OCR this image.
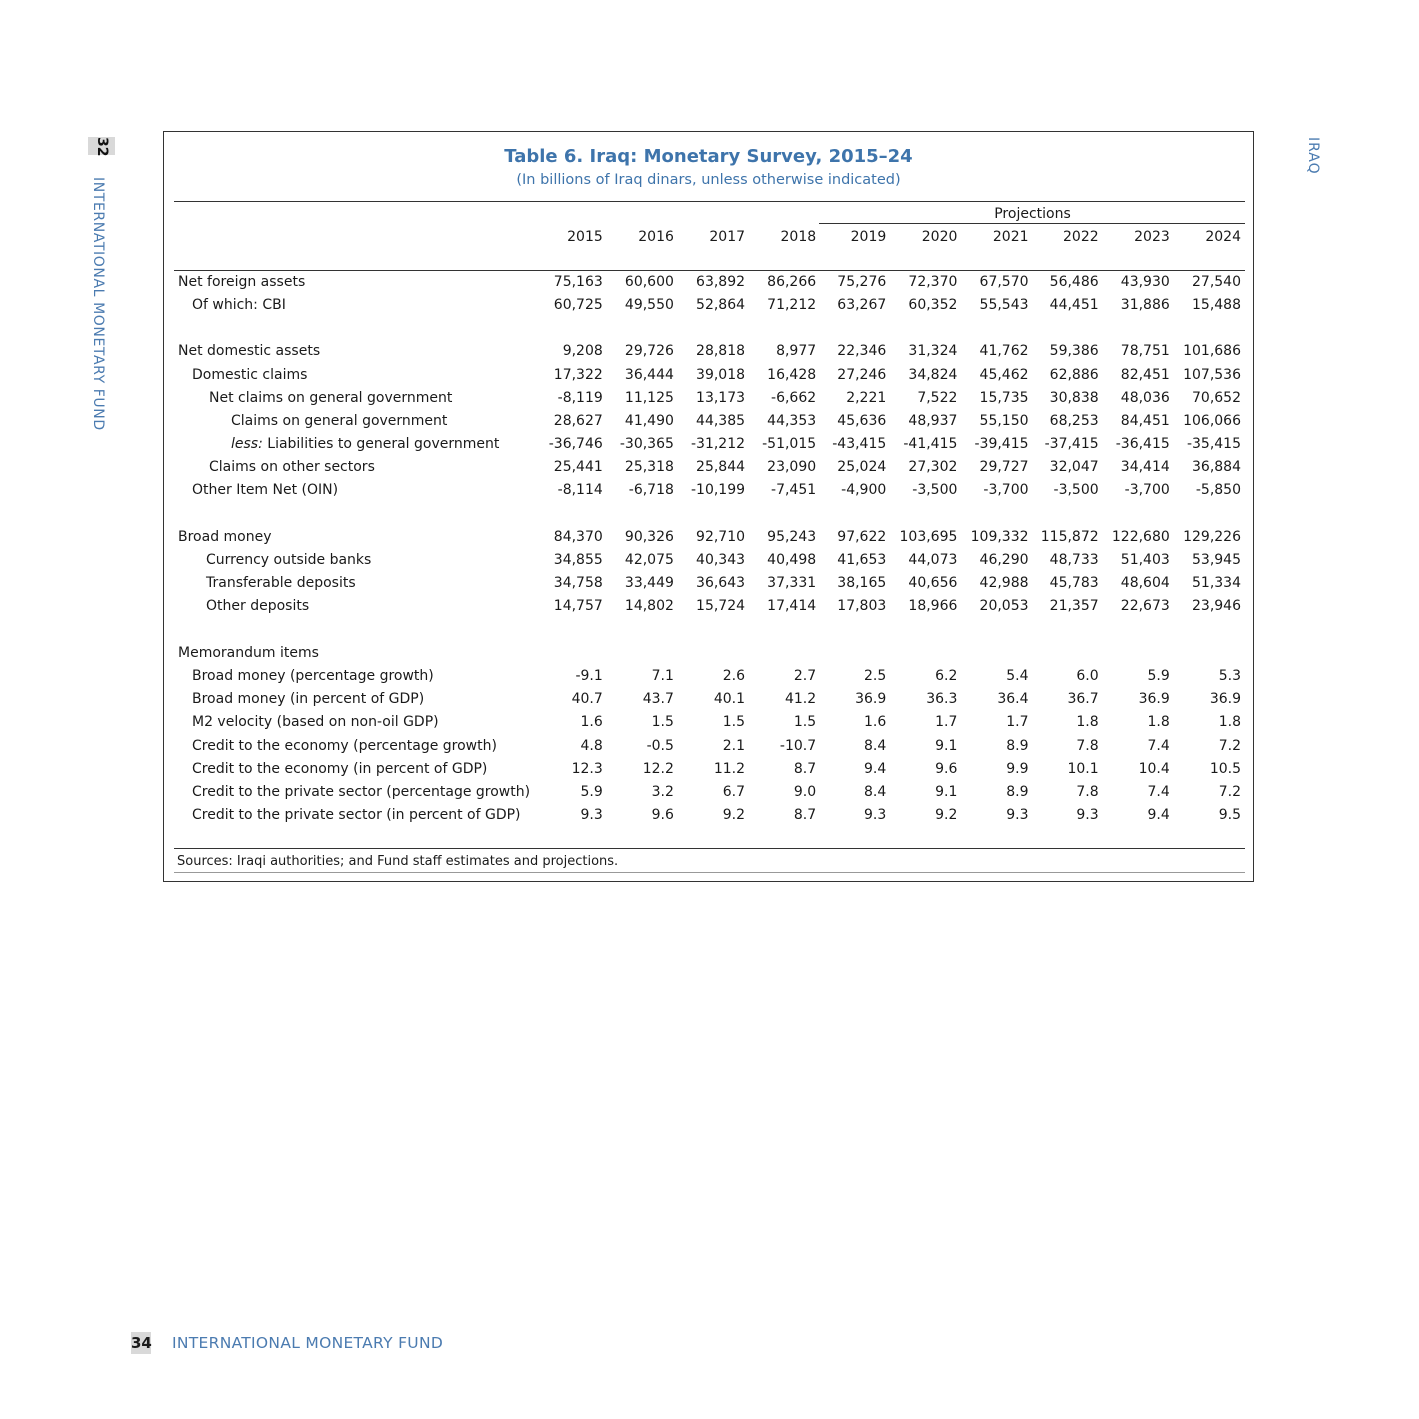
32
INTERNATIONAL MONETARY FUND
IRAQ
Table 6. Iraq: Monetary Survey, 2015–24
(In billions of Iraq dinars, unless otherwise indicated)
Projections
	2015	2016	2017	2018	2019	2020	2021	2022	2023	2024

Net foreign assets	75,163	60,600	63,892	86,266	75,276	72,370	67,570	56,486	43,930	27,540
Of which: CBI	60,725	49,550	52,864	71,212	63,267	60,352	55,543	44,451	31,886	15,488

Net domestic assets	9,208	29,726	28,818	8,977	22,346	31,324	41,762	59,386	78,751	101,686
Domestic claims	17,322	36,444	39,018	16,428	27,246	34,824	45,462	62,886	82,451	107,536
Net claims on general government	-8,119	11,125	13,173	-6,662	2,221	7,522	15,735	30,838	48,036	70,652
Claims on general government	28,627	41,490	44,385	44,353	45,636	48,937	55,150	68,253	84,451	106,066
less: Liabilities to general government	-36,746	-30,365	-31,212	-51,015	-43,415	-41,415	-39,415	-37,415	-36,415	-35,415
Claims on other sectors	25,441	25,318	25,844	23,090	25,024	27,302	29,727	32,047	34,414	36,884
Other Item Net (OIN)	-8,114	-6,718	-10,199	-7,451	-4,900	-3,500	-3,700	-3,500	-3,700	-5,850

Broad money	84,370	90,326	92,710	95,243	97,622	103,695	109,332	115,872	122,680	129,226
Currency outside banks	34,855	42,075	40,343	40,498	41,653	44,073	46,290	48,733	51,403	53,945
Transferable deposits	34,758	33,449	36,643	37,331	38,165	40,656	42,988	45,783	48,604	51,334
Other deposits	14,757	14,802	15,724	17,414	17,803	18,966	20,053	21,357	22,673	23,946

Memorandum items										
Broad money (percentage growth)	-9.1	7.1	2.6	2.7	2.5	6.2	5.4	6.0	5.9	5.3
Broad money (in percent of GDP)	40.7	43.7	40.1	41.2	36.9	36.3	36.4	36.7	36.9	36.9
M2 velocity (based on non-oil GDP)	1.6	1.5	1.5	1.5	1.6	1.7	1.7	1.8	1.8	1.8
Credit to the economy (percentage growth)	4.8	-0.5	2.1	-10.7	8.4	9.1	8.9	7.8	7.4	7.2
Credit to the economy (in percent of GDP)	12.3	12.2	11.2	8.7	9.4	9.6	9.9	10.1	10.4	10.5
Credit to the private sector (percentage growth)	5.9	3.2	6.7	9.0	8.4	9.1	8.9	7.8	7.4	7.2
Credit to the private sector (in percent of GDP)	9.3	9.6	9.2	8.7	9.3	9.2	9.3	9.3	9.4	9.5
Sources: Iraqi authorities; and Fund staff estimates and projections.
34 INTERNATIONAL MONETARY FUND
